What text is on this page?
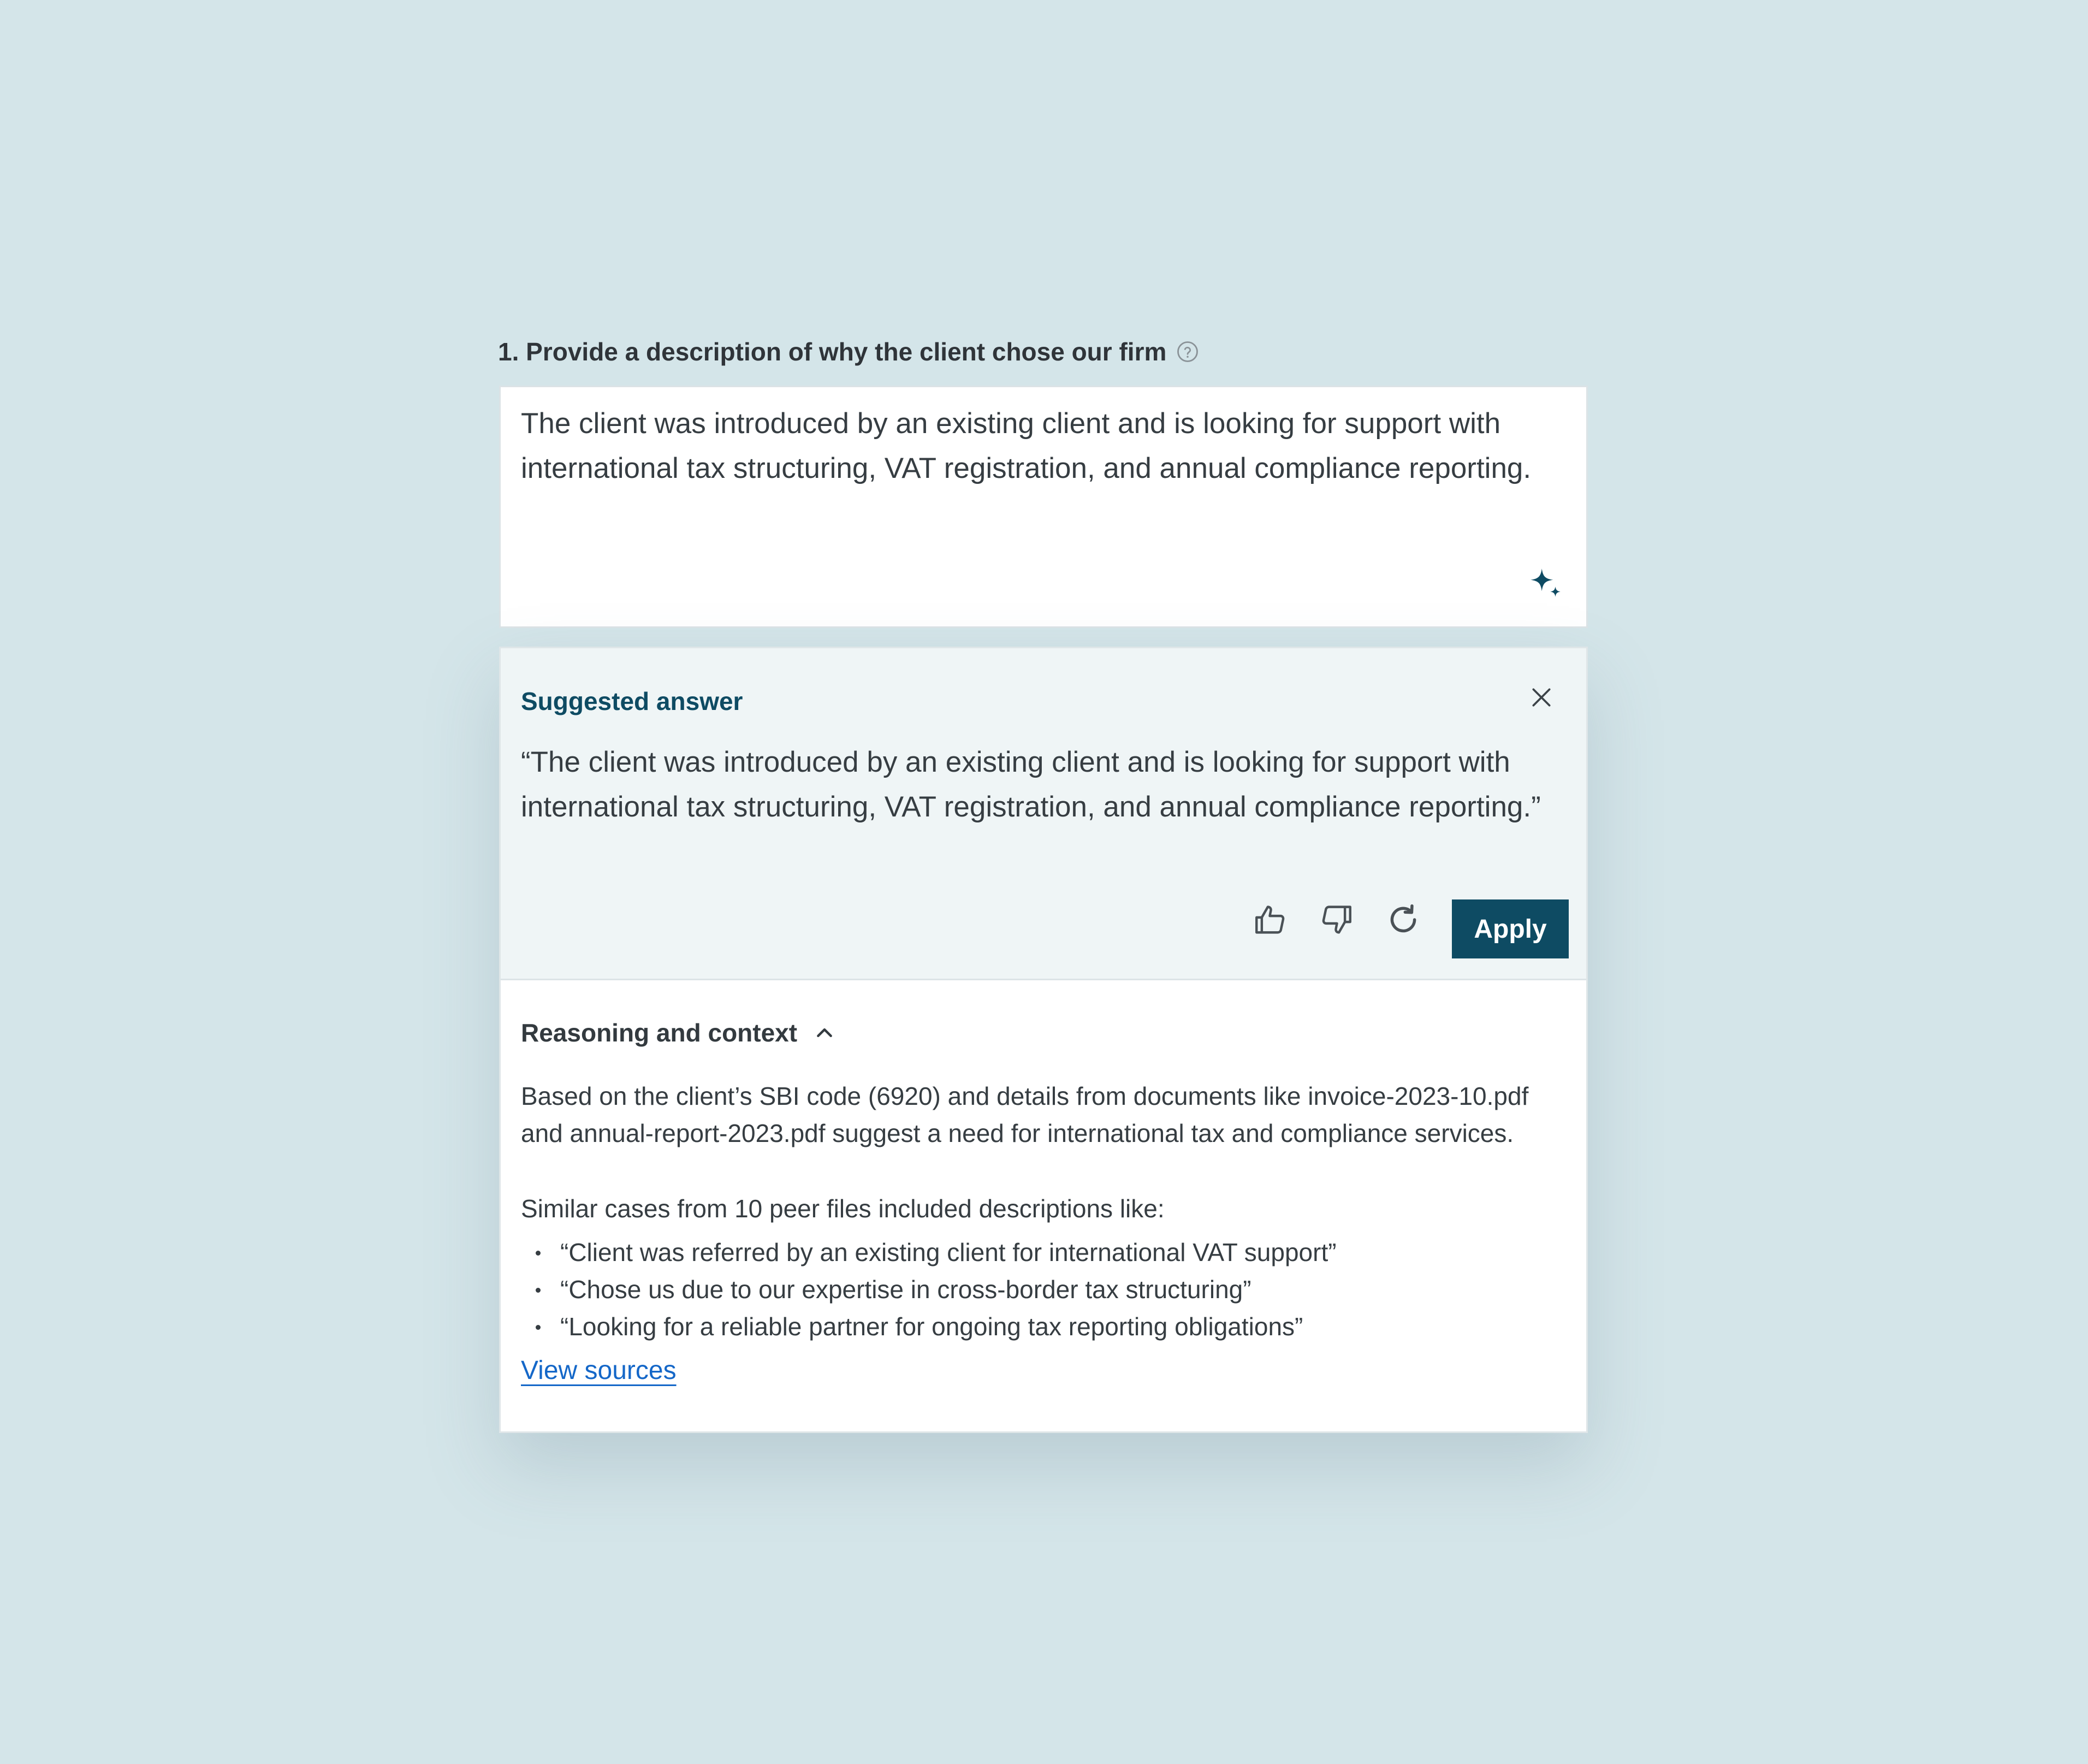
1. Provide a description of why the client chose our firm
The client was introduced by an existing client and is looking for support with international tax structuring, VAT registration, and annual compliance reporting.
Suggested answer
“The client was introduced by an existing client and is looking for support with international tax structuring, VAT registration, and annual compliance reporting.”
Apply
Reasoning and context
Based on the client’s SBI code (6920) and details from documents like invoice-2023-10.pdf and annual-report-2023.pdf suggest a need for international tax and compliance services.
Similar cases from 10 peer files included descriptions like:
“Client was referred by an existing client for international VAT support”
“Chose us due to our expertise in cross-border tax structuring”
“Looking for a reliable partner for ongoing tax reporting obligations”
View sources
